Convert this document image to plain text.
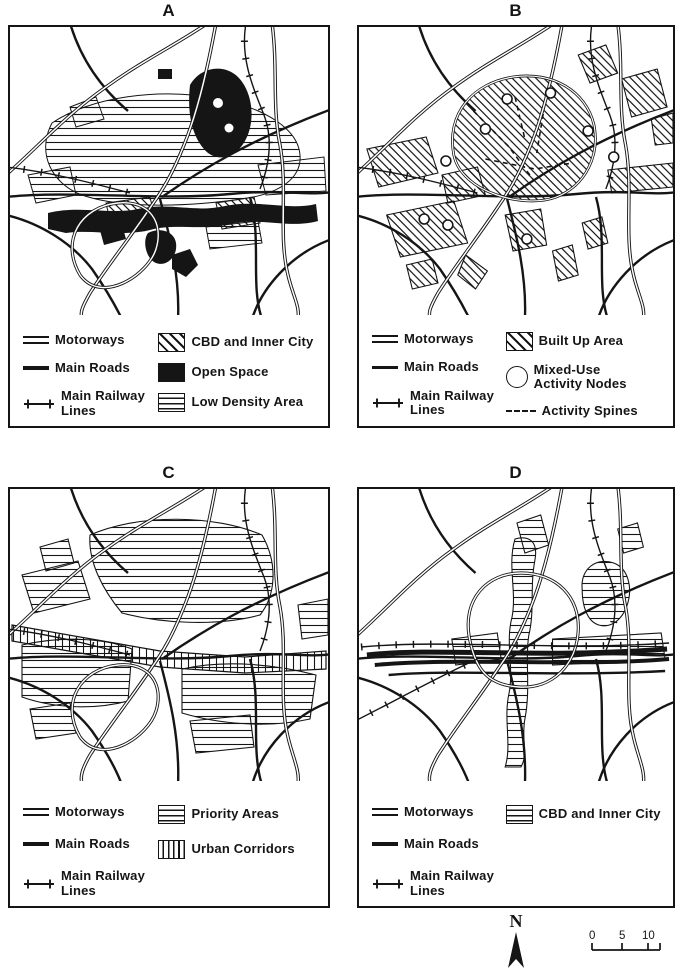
A
Motorways
Main Roads
Main Railway Lines
CBD and Inner City
Open Space
Low Density Area
B
Motorways
Main Roads
Main Railway Lines
Built Up Area
Mixed-Use Activity Nodes
Activity Spines
C
Motorways
Main Roads
Main Railway Lines
Priority Areas
Urban Corridors
D
Motorways
Main Roads
Main Railway Lines
CBD and Inner City
N
0 5 10
